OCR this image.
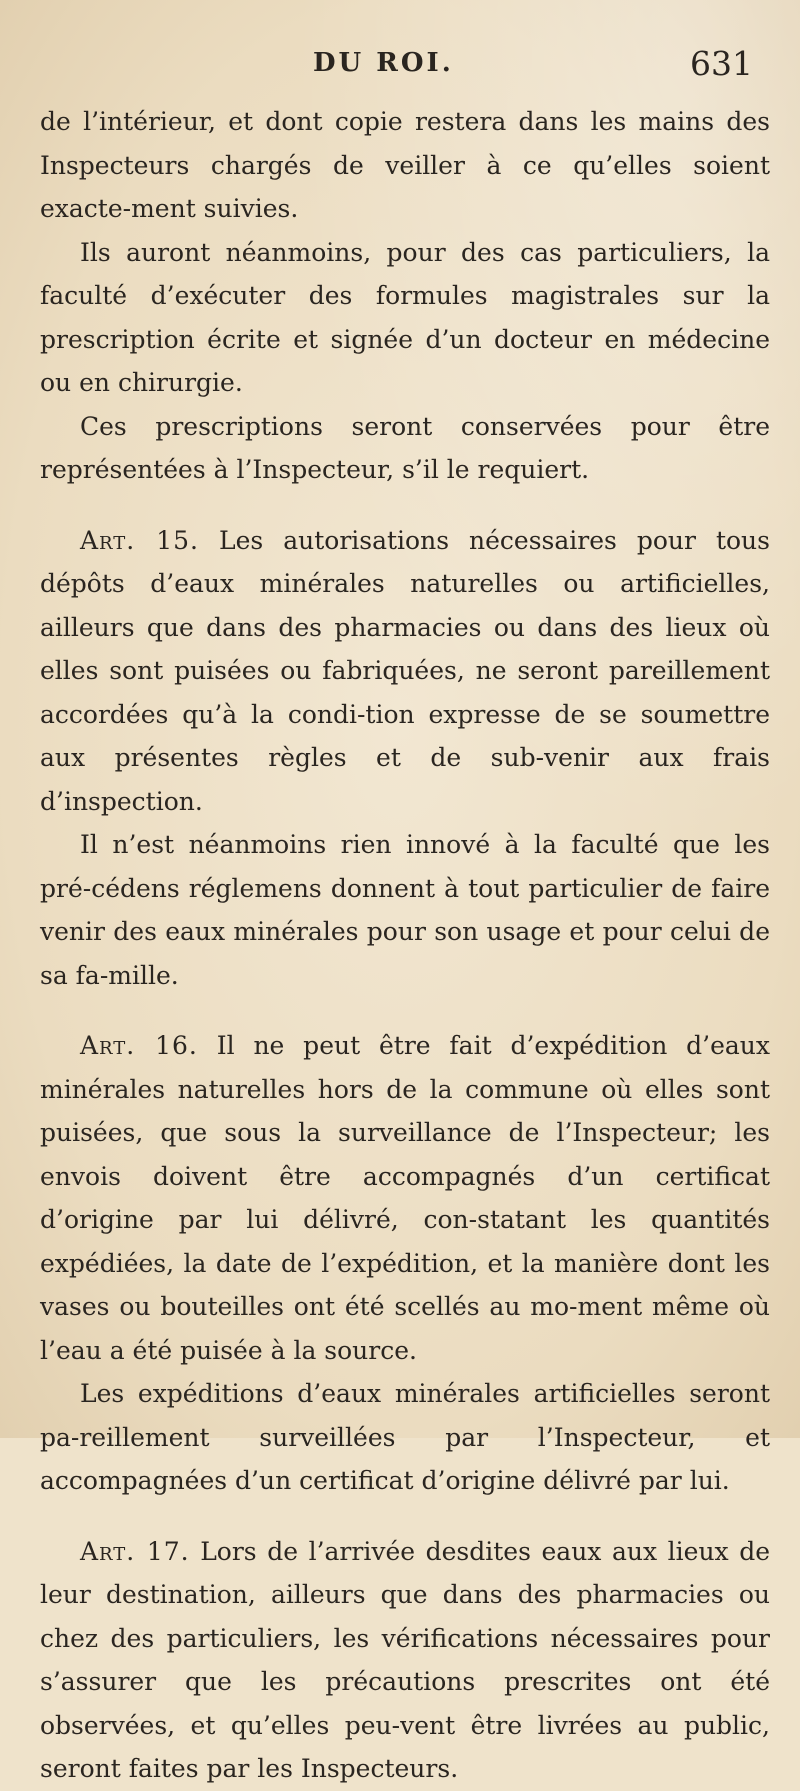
DU ROI.	631

de l’intérieur, et dont copie restera dans les mains des Inspecteurs chargés de veiller à ce qu’elles soient exacte-ment suivies.

Ils auront néanmoins, pour des cas particuliers, la faculté d’exécuter des formules magistrales sur la prescription écrite et signée d’un docteur en médecine ou en chirurgie.

Ces prescriptions seront conservées pour être représentées à l’Inspecteur, s’il le requiert.

Art. 15. Les autorisations nécessaires pour tous dépôts d’eaux minérales naturelles ou artificielles, ailleurs que dans des pharmacies ou dans des lieux où elles sont puisées ou fabriquées, ne seront pareillement accordées qu’à la condi-tion expresse de se soumettre aux présentes règles et de sub-venir aux frais d’inspection.

Il n’est néanmoins rien innové à la faculté que les pré-cédens réglemens donnent à tout particulier de faire venir des eaux minérales pour son usage et pour celui de sa fa-mille.

Art. 16. Il ne peut être fait d’expédition d’eaux minérales naturelles hors de la commune où elles sont puisées, que sous la surveillance de l’Inspecteur; les envois doivent être accompagnés d’un certificat d’origine par lui délivré, con-statant les quantités expédiées, la date de l’expédition, et la manière dont les vases ou bouteilles ont été scellés au mo-ment même où l’eau a été puisée à la source.

Les expéditions d’eaux minérales artificielles seront pa-reillement surveillées par l’Inspecteur, et accompagnées d’un certificat d’origine délivré par lui.

Art. 17. Lors de l’arrivée desdites eaux aux lieux de leur destination, ailleurs que dans des pharmacies ou chez des particuliers, les vérifications nécessaires pour s’assurer que les précautions prescrites ont été observées, et qu’elles peu-vent être livrées au public, seront faites par les Inspecteurs.
